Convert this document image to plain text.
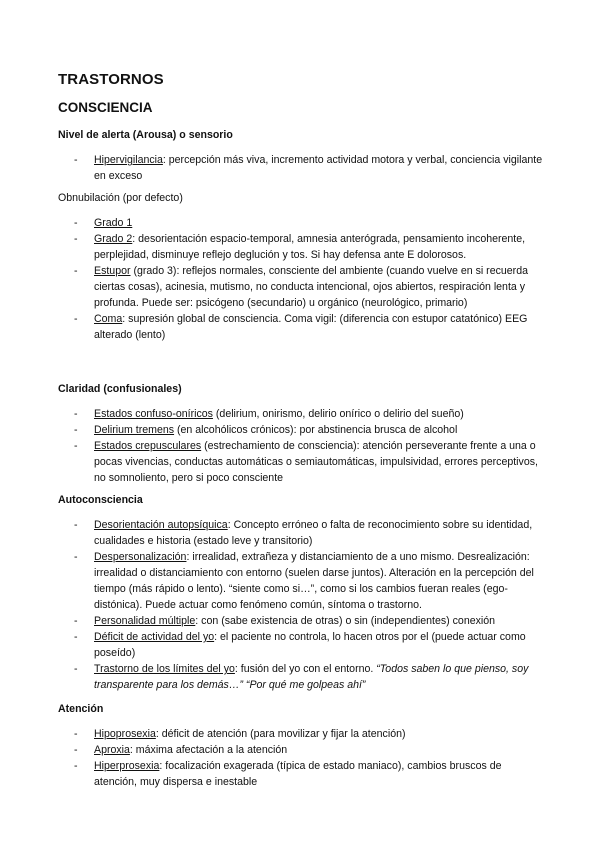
TRASTORNOS
CONSCIENCIA
Nivel de alerta (Arousa) o sensorio
- Hipervigilancia: percepción más viva, incremento actividad motora y verbal, conciencia vigilante en exceso
Obnubilación (por defecto)
- Grado 1
- Grado 2: desorientación espacio-temporal, amnesia anterógrada, pensamiento incoherente, perplejidad, disminuye reflejo deglución y tos. Si hay defensa ante E dolorosos.
- Estupor (grado 3): reflejos normales, consciente del ambiente (cuando vuelve en si recuerda ciertas cosas), acinesia, mutismo, no conducta intencional, ojos abiertos, respiración lenta y profunda. Puede ser: psicógeno (secundario) u orgánico (neurológico, primario)
- Coma: supresión global de consciencia. Coma vigil: (diferencia con estupor catatónico) EEG alterado (lento)
Claridad (confusionales)
- Estados confuso-oníricos (delirium, onirismo, delirio onírico o delirio del sueño)
- Delirium tremens (en alcohólicos crónicos): por abstinencia brusca de alcohol
- Estados crepusculares (estrechamiento de consciencia): atención perseverante frente a una o pocas vivencias, conductas automáticas o semiautomáticas, impulsividad, errores perceptivos, no somnoliento, pero si poco consciente
Autoconsciencia
- Desorientación autopsíquica: Concepto erróneo o falta de reconocimiento sobre su identidad, cualidades e historia (estado leve y transitorio)
- Despersonalización: irrealidad, extrañeza y distanciamiento de a uno mismo. Desrealización: irrealidad o distanciamiento con entorno (suelen darse juntos). Alteración en la percepción del tiempo (más rápido o lento). “siente como si…”, como si los cambios fueran reales (ego-distónica). Puede actuar como fenómeno común, síntoma o trastorno.
- Personalidad múltiple: con (sabe existencia de otras) o sin (independientes) conexión
- Déficit de actividad del yo: el paciente no controla, lo hacen otros por el (puede actuar como poseído)
- Trastorno de los límites del yo: fusión del yo con el entorno. “Todos saben lo que pienso, soy transparente para los demás…” “Por qué me golpeas ahí”
Atención
- Hipoprosexia: déficit de atención (para movilizar y fijar la atención)
- Aproxia: máxima afectación a la atención
- Hiperprosexia: focalización exagerada (típica de estado maniaco), cambios bruscos de atención, muy dispersa e inestable
